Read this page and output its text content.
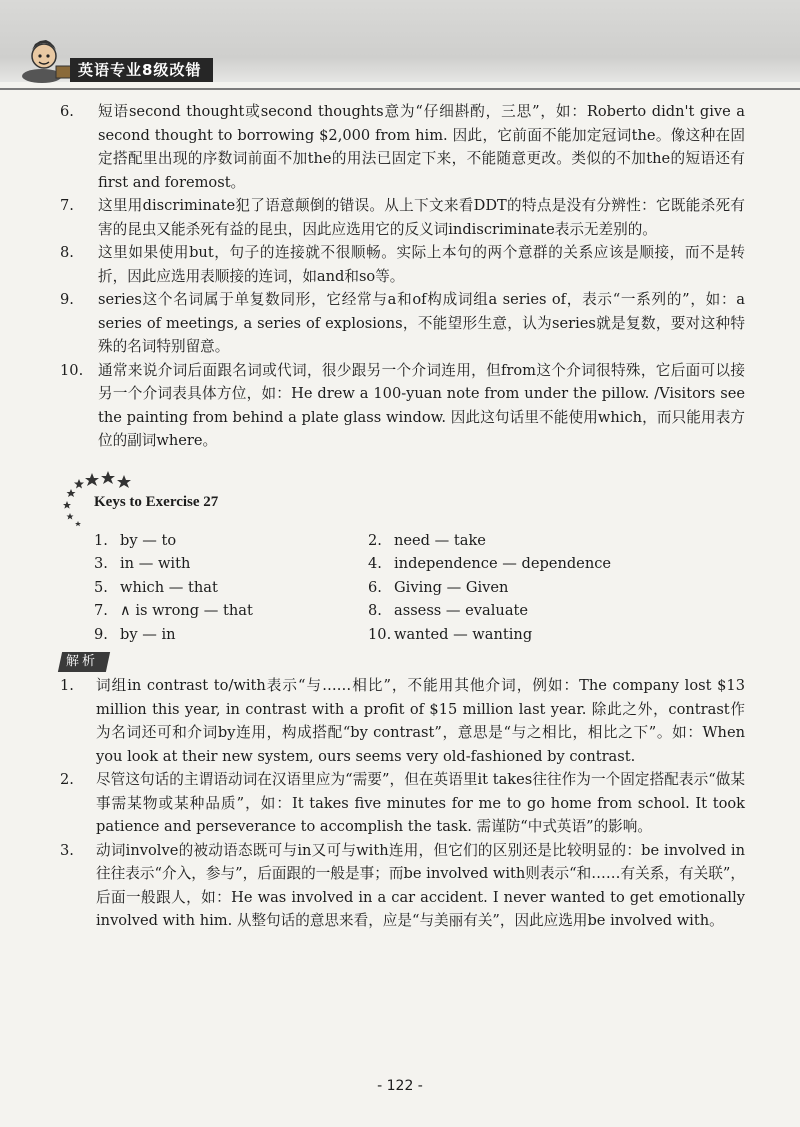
英语专业8级改错
6.	短语second thought或second thoughts意为“仔细斟酌，三思”，如：Roberto didn't give a second thought to borrowing $2,000 from him. 因此，它前面不能加定冠词the。像这种在固定搭配里出现的序数词前面不加the的用法已固定下来，不能随意更改。类似的不加the的短语还有first and foremost。
7.	这里用discriminate犯了语意颠倒的错误。从上下文来看DDT的特点是没有分辨性：它既能杀死有害的昆虫又能杀死有益的昆虫，因此应选用它的反义词indiscriminate表示无差别的。
8.	这里如果使用but，句子的连接就不很顺畅。实际上本句的两个意群的关系应该是顺接，而不是转折，因此应选用表顺接的连词，如and和so等。
9.	series这个名词属于单复数同形，它经常与a和of构成词组a series of，表示“一系列的”，如：a series of meetings, a series of explosions，不能望形生意，认为series就是复数，要对这种特殊的名词特别留意。
10.	通常来说介词后面跟名词或代词，很少跟另一个介词连用，但from这个介词很特殊，它后面可以接另一个介词表具体方位，如：He drew a 100-yuan note from under the pillow. /Visitors see the painting from behind a plate glass window. 因此这句话里不能使用which，而只能用表方位的副词where。
Keys to Exercise 27
1. by — to	2. need — take
3. in — with	4. independence — dependence
5. which — that	6. Giving — Given
7. ∧ is wrong — that	8. assess — evaluate
9. by — in	10. wanted — wanting
解析
1.	词组in contrast to/with表示“与……相比”，不能用其他介词，例如：The company lost $13 million this year, in contrast with a profit of $15 million last year. 除此之外，contrast作为名词还可和介词by连用，构成搭配“by contrast”，意思是“与之相比，相比之下”。如：When you look at their new system, ours seems very old-fashioned by contrast.
2.	尽管这句话的主谓语动词在汉语里应为“需要”，但在英语里it takes往往作为一个固定搭配表示“做某事需某物或某种品质”，如：It takes five minutes for me to go home from school. It took patience and perseverance to accomplish the task. 需谨防“中式英语”的影响。
3.	动词involve的被动语态既可与in又可与with连用，但它们的区别还是比较明显的：be involved in往往表示“介入，参与”，后面跟的一般是事；而be involved with则表示“和……有关系，有关联”，后面一般跟人，如：He was involved in a car accident. I never wanted to get emotionally involved with him. 从整句话的意思来看，应是“与美丽有关”，因此应选用be involved with。
- 122 -
